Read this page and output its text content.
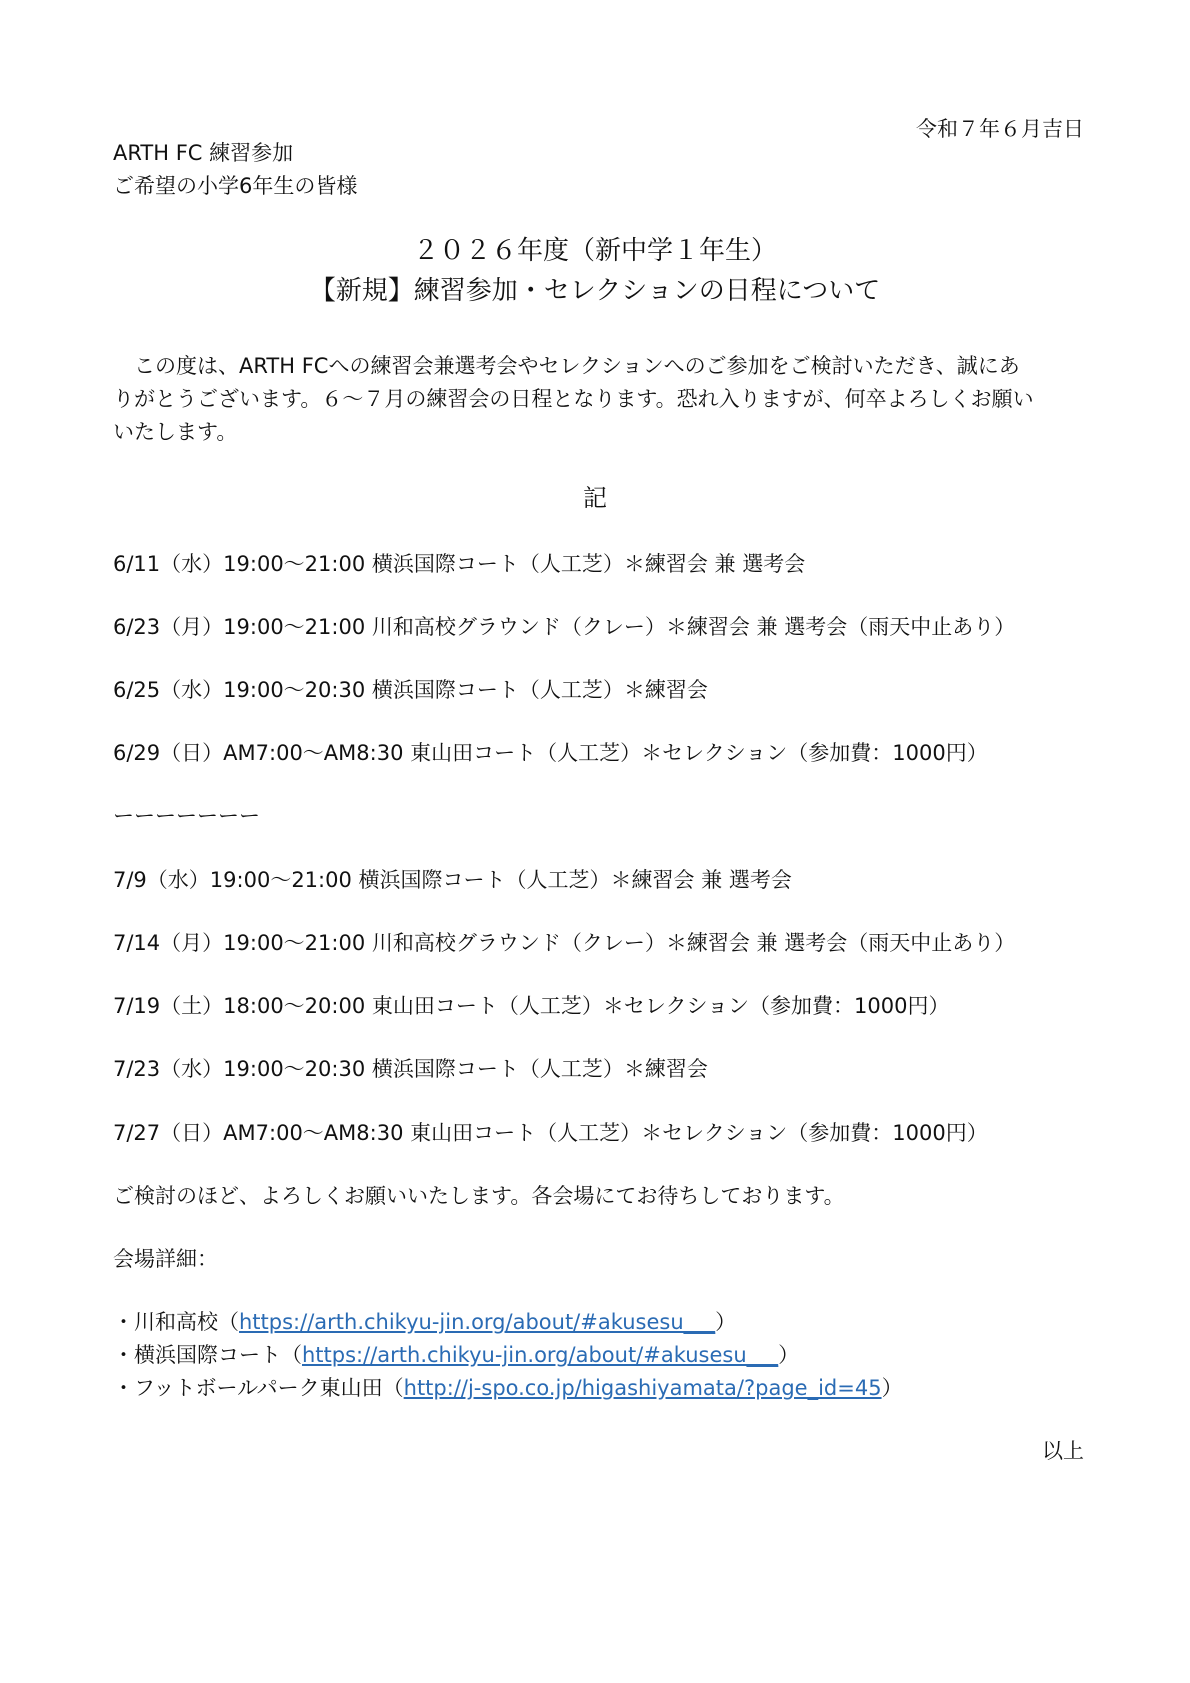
令和７年６月吉日
ARTH FC 練習参加
ご希望の小学6年生の皆様
２０２６年度（新中学１年生）
【新規】練習参加・セレクションの日程について
　この度は、ARTH FCへの練習会兼選考会やセレクションへのご参加をご検討いただき、誠にあ
りがとうございます。６〜７月の練習会の日程となります。恐れ入りますが、何卒よろしくお願い
いたします。
記
6/11（水）19:00〜21:00 横浜国際コート（人工芝）＊練習会 兼 選考会
6/23（月）19:00〜21:00 川和高校グラウンド（クレー）＊練習会 兼 選考会（雨天中止あり）
6/25（水）19:00〜20:30 横浜国際コート（人工芝）＊練習会
6/29（日）AM7:00〜AM8:30 東山田コート（人工芝）＊セレクション（参加費：1000円）
ーーーーーーー
7/9（水）19:00〜21:00 横浜国際コート（人工芝）＊練習会 兼 選考会
7/14（月）19:00〜21:00 川和高校グラウンド（クレー）＊練習会 兼 選考会（雨天中止あり）
7/19（土）18:00〜20:00 東山田コート（人工芝）＊セレクション（参加費：1000円）
7/23（水）19:00〜20:30 横浜国際コート（人工芝）＊練習会
7/27（日）AM7:00〜AM8:30 東山田コート（人工芝）＊セレクション（参加費：1000円）
ご検討のほど、よろしくお願いいたします。各会場にてお待ちしております。
会場詳細：
・川和高校（https://arth.chikyu-jin.org/about/#akusesu___）
・横浜国際コート（https://arth.chikyu-jin.org/about/#akusesu___）
・フットボールパーク東山田（http://j-spo.co.jp/higashiyamata/?page_id=45）
以上
